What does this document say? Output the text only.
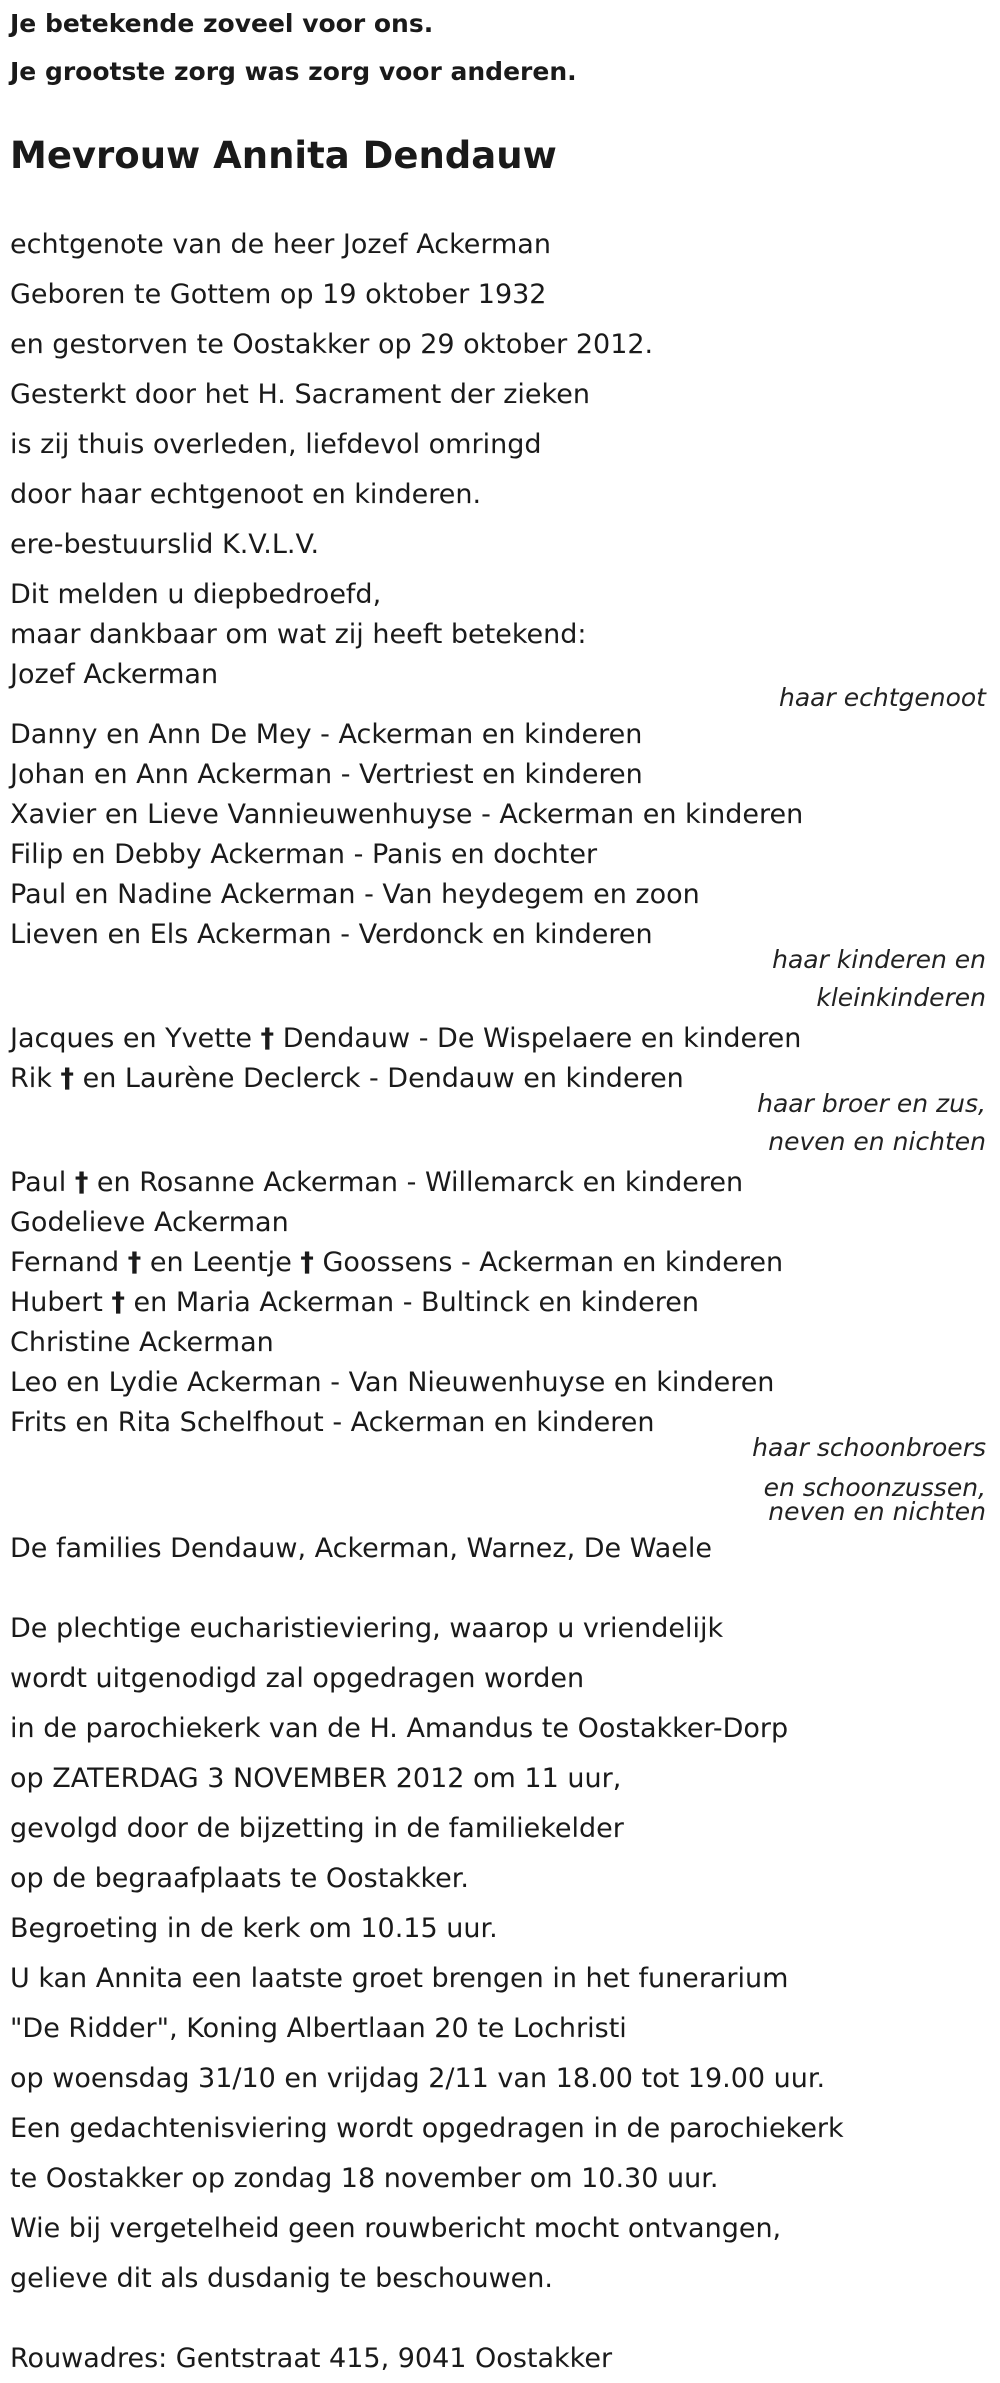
Je betekende zoveel voor ons.
Je grootste zorg was zorg voor anderen.
Mevrouw Annita Dendauw
echtgenote van de heer Jozef Ackerman
Geboren te Gottem op 19 oktober 1932
en gestorven te Oostakker op 29 oktober 2012.
Gesterkt door het H. Sacrament der zieken
is zij thuis overleden, liefdevol omringd
door haar echtgenoot en kinderen.
ere-bestuurslid K.V.L.V.
Dit melden u diepbedroefd,
maar dankbaar om wat zij heeft betekend:
Jozef Ackerman
haar echtgenoot
Danny en Ann De Mey - Ackerman en kinderen
Johan en Ann Ackerman - Vertriest en kinderen
Xavier en Lieve Vannieuwenhuyse - Ackerman en kinderen
Filip en Debby Ackerman - Panis en dochter
Paul en Nadine Ackerman - Van heydegem en zoon
Lieven en Els Ackerman - Verdonck en kinderen
haar kinderen en
kleinkinderen
Jacques en Yvette † Dendauw - De Wispelaere en kinderen
Rik † en Laurène Declerck - Dendauw en kinderen
haar broer en zus,
neven en nichten
Paul † en Rosanne Ackerman - Willemarck en kinderen
Godelieve Ackerman
Fernand † en Leentje † Goossens - Ackerman en kinderen
Hubert † en Maria Ackerman - Bultinck en kinderen
Christine Ackerman
Leo en Lydie Ackerman - Van Nieuwenhuyse en kinderen
Frits en Rita Schelfhout - Ackerman en kinderen
haar schoonbroers
en schoonzussen,
neven en nichten
De families Dendauw, Ackerman, Warnez, De Waele
De plechtige eucharistieviering, waarop u vriendelijk
wordt uitgenodigd zal opgedragen worden
in de parochiekerk van de H. Amandus te Oostakker-Dorp
op ZATERDAG 3 NOVEMBER 2012 om 11 uur,
gevolgd door de bijzetting in de familiekelder
op de begraafplaats te Oostakker.
Begroeting in de kerk om 10.15 uur.
U kan Annita een laatste groet brengen in het funerarium
"De Ridder", Koning Albertlaan 20 te Lochristi
op woensdag 31/10 en vrijdag 2/11 van 18.00 tot 19.00 uur.
Een gedachtenisviering wordt opgedragen in de parochiekerk
te Oostakker op zondag 18 november om 10.30 uur.
Wie bij vergetelheid geen rouwbericht mocht ontvangen,
gelieve dit als dusdanig te beschouwen.
Rouwadres: Gentstraat 415, 9041 Oostakker
